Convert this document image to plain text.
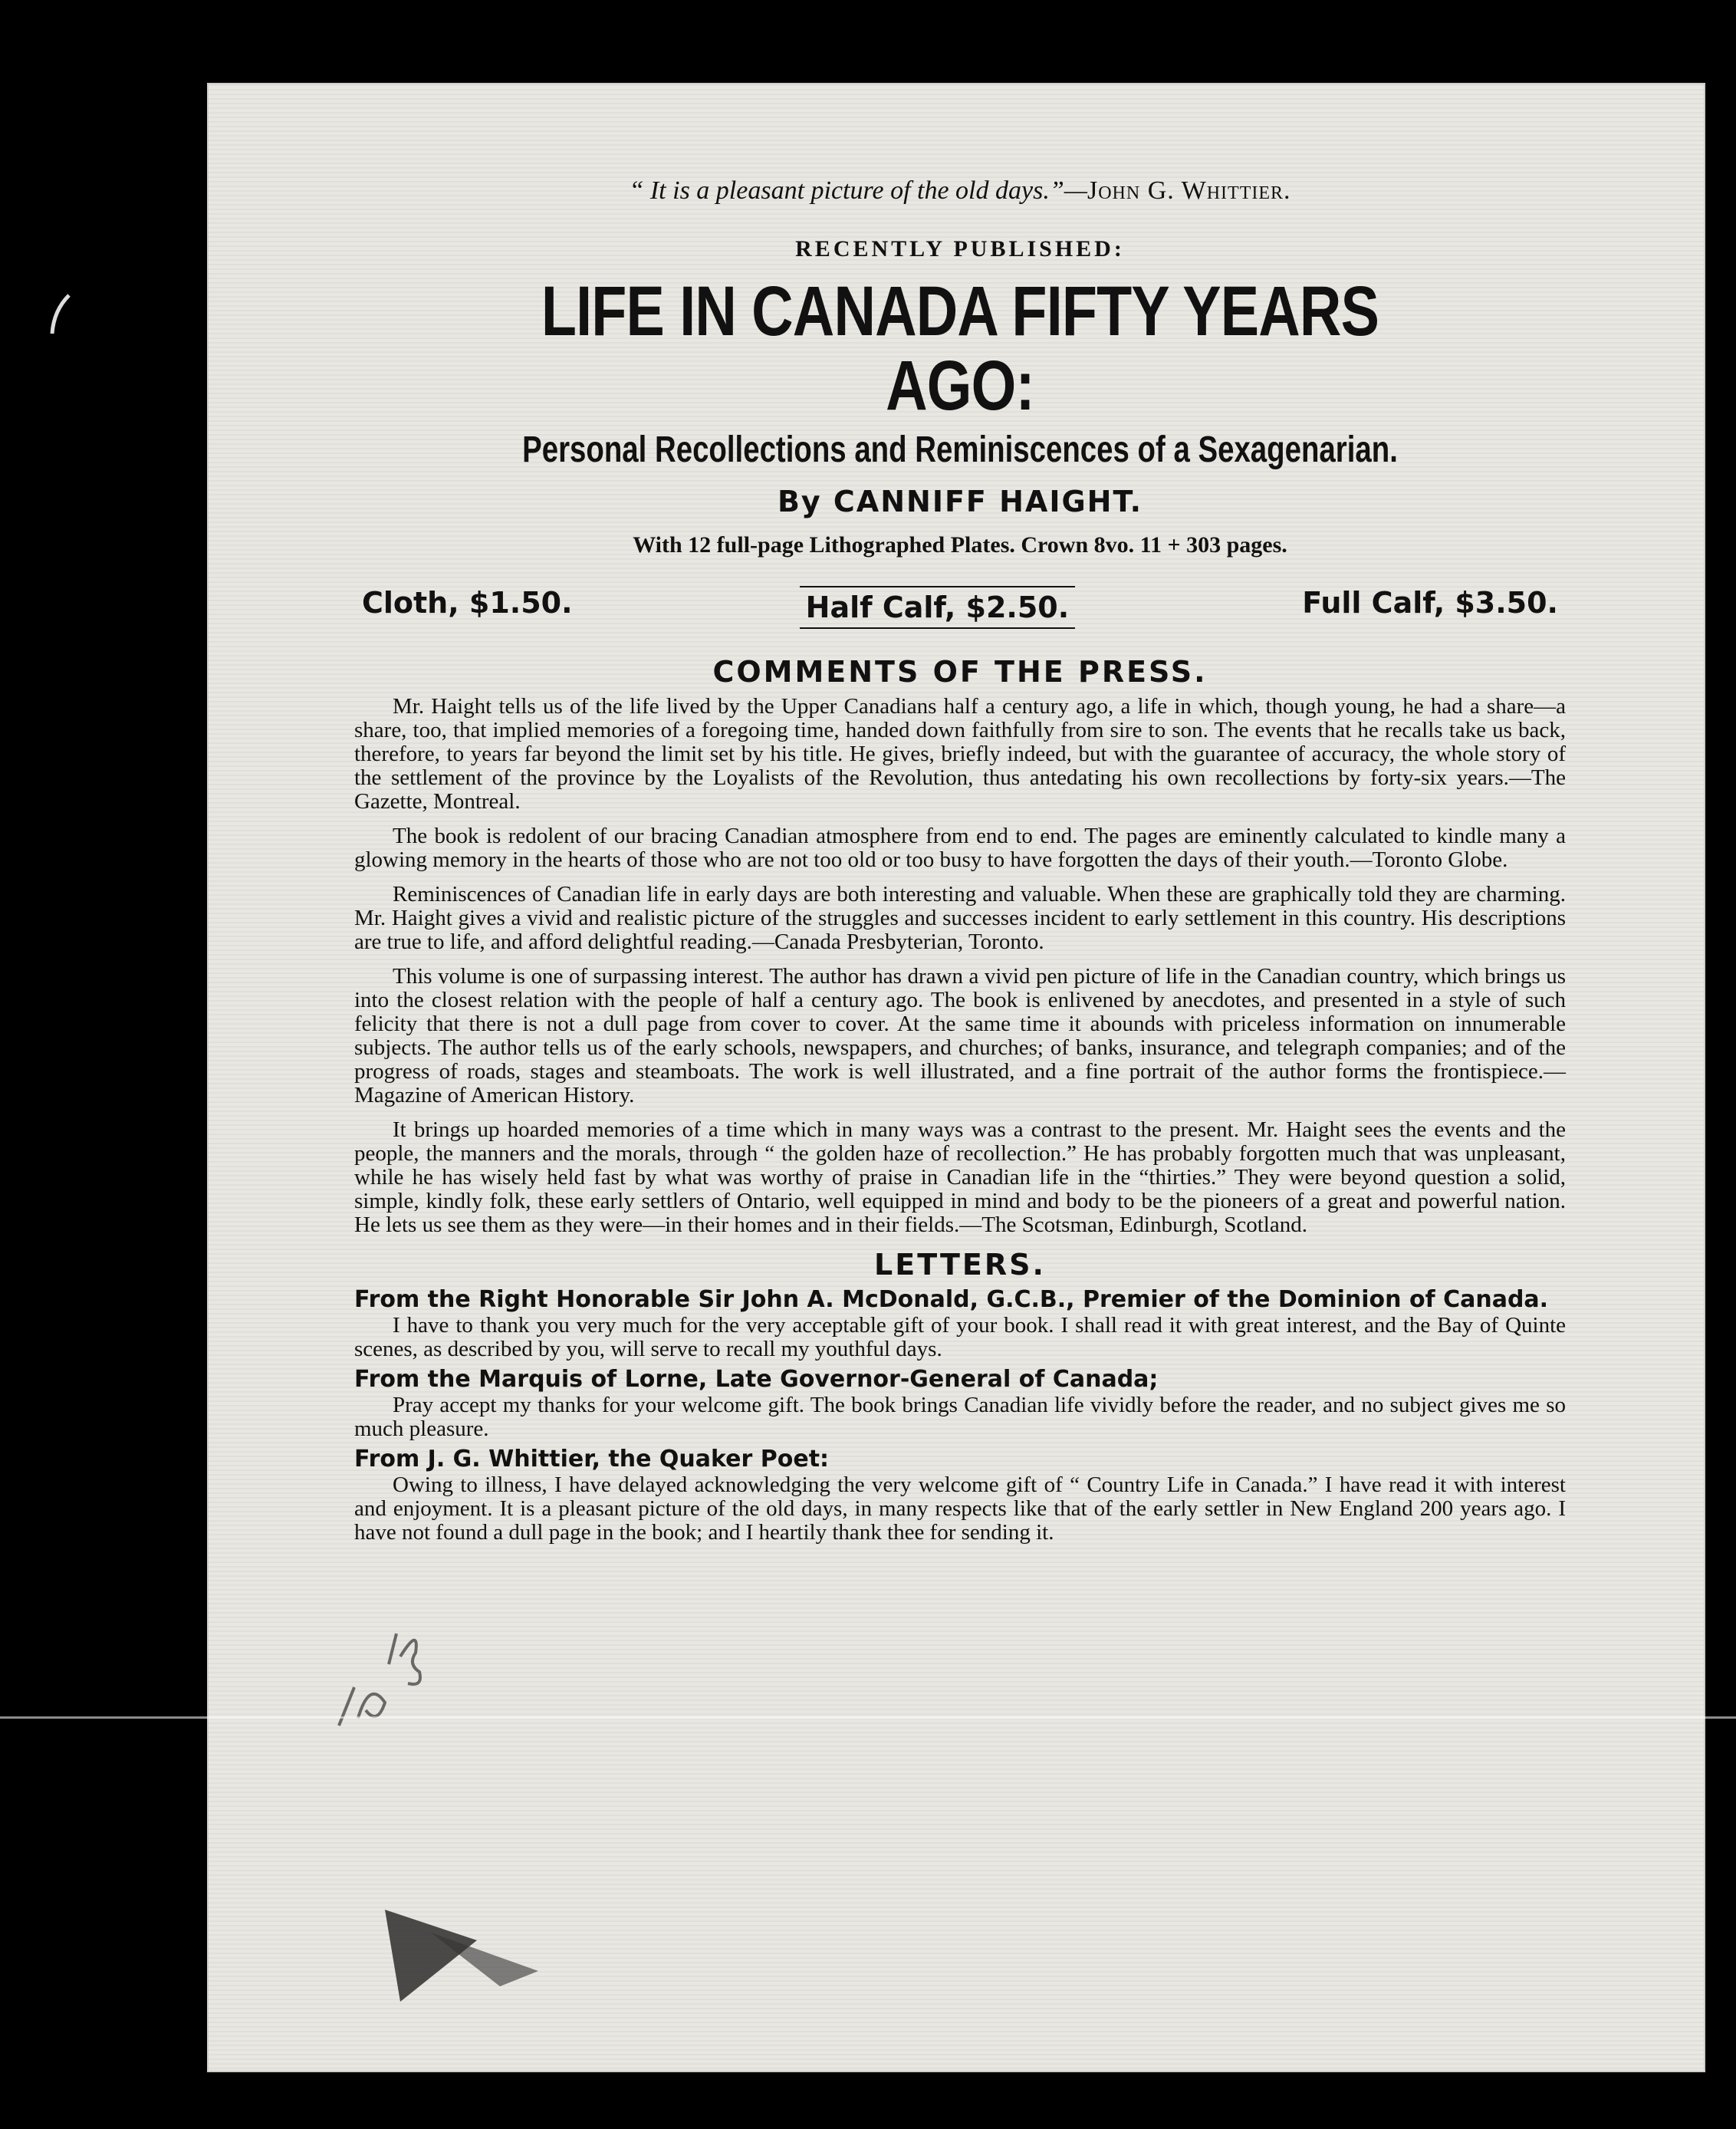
“ It is a pleasant picture of the old days.”—John G. Whittier.
RECENTLY PUBLISHED:
LIFE IN CANADA FIFTY YEARS AGO:
Personal Recollections and Reminiscences of a Sexagenarian.
By CANNIFF HAIGHT.
With 12 full-page Lithographed Plates. Crown 8vo. 11 + 303 pages.
Cloth, $1.50.	Half Calf, $2.50.	Full Calf, $3.50.
COMMENTS OF THE PRESS.

Mr. Haight tells us of the life lived by the Upper Canadians half a century ago, a life in which, though young, he had a share—a share, too, that implied memories of a foregoing time, handed down faithfully from sire to son. The events that he recalls take us back, therefore, to years far beyond the limit set by his title. He gives, briefly indeed, but with the guarantee of accuracy, the whole story of the settlement of the province by the Loyalists of the Revolution, thus antedating his own recollections by forty-six years.—The Gazette, Montreal.

The book is redolent of our bracing Canadian atmosphere from end to end. The pages are eminently calculated to kindle many a glowing memory in the hearts of those who are not too old or too busy to have forgotten the days of their youth.—Toronto Globe.

Reminiscences of Canadian life in early days are both interesting and valuable. When these are graphically told they are charming. Mr. Haight gives a vivid and realistic picture of the struggles and successes incident to early settlement in this country. His descriptions are true to life, and afford delightful reading.—Canada Presbyterian, Toronto.

This volume is one of surpassing interest. The author has drawn a vivid pen picture of life in the Canadian country, which brings us into the closest relation with the people of half a century ago. The book is enlivened by anecdotes, and presented in a style of such felicity that there is not a dull page from cover to cover. At the same time it abounds with priceless information on innumerable subjects. The author tells us of the early schools, newspapers, and churches; of banks, insurance, and telegraph companies; and of the progress of roads, stages and steamboats. The work is well illustrated, and a fine portrait of the author forms the frontispiece.—Magazine of American History.

It brings up hoarded memories of a time which in many ways was a contrast to the present. Mr. Haight sees the events and the people, the manners and the morals, through “ the golden haze of recollection.” He has probably forgotten much that was unpleasant, while he has wisely held fast by what was worthy of praise in Canadian life in the “thirties.” They were beyond question a solid, simple, kindly folk, these early settlers of Ontario, well equipped in mind and body to be the pioneers of a great and powerful nation. He lets us see them as they were—in their homes and in their fields.—The Scotsman, Edinburgh, Scotland.

LETTERS.
From the Right Honorable Sir John A. McDonald, G.C.B., Premier of the Dominion of Canada.

I have to thank you very much for the very acceptable gift of your book. I shall read it with great interest, and the Bay of Quinte scenes, as described by you, will serve to recall my youthful days.

From the Marquis of Lorne, Late Governor-General of Canada;

Pray accept my thanks for your welcome gift. The book brings Canadian life vividly before the reader, and no subject gives me so much pleasure.

From J. G. Whittier, the Quaker Poet:

Owing to illness, I have delayed acknowledging the very welcome gift of “ Country Life in Canada.” I have read it with interest and enjoyment. It is a pleasant picture of the old days, in many respects like that of the early settler in New England 200 years ago. I have not found a dull page in the book; and I heartily thank thee for sending it.
